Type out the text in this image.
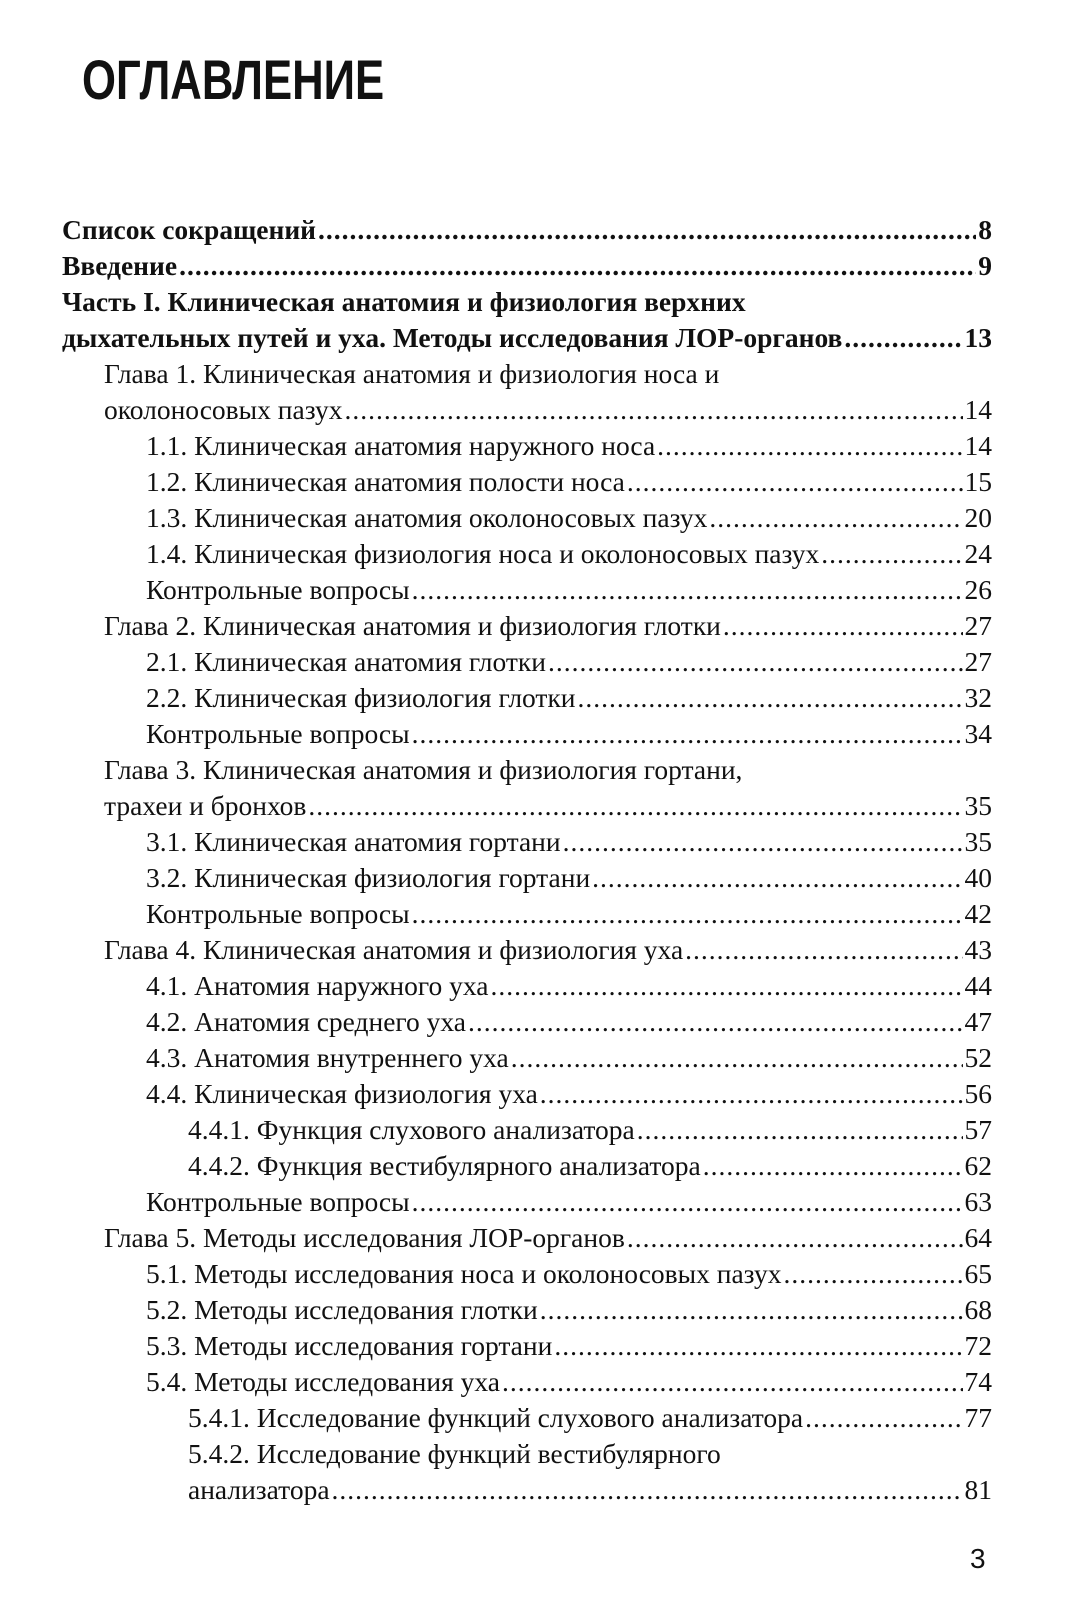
ОГЛАВЛЕНИЕ
Список сокращений .....	8
Введение .....	9
Часть I. Клиническая анатомия и физиология верхних
дыхательных путей и уха. Методы исследования ЛОР-органов .....	13
Глава 1. Клиническая анатомия и физиология носа и
околоносовых пазух .....	14
1.1. Клиническая анатомия наружного носа .....	14
1.2. Клиническая анатомия полости носа .....	15
1.3. Клиническая анатомия околоносовых пазух .....	20
1.4. Клиническая физиология носа и околоносовых пазух .....	24
Контрольные вопросы .....	26
Глава 2. Клиническая анатомия и физиология глотки .....	27
2.1. Клиническая анатомия глотки .....	27
2.2. Клиническая физиология глотки .....	32
Контрольные вопросы .....	34
Глава 3. Клиническая анатомия и физиология гортани,
трахеи и бронхов .....	35
3.1. Клиническая анатомия гортани .....	35
3.2. Клиническая физиология гортани .....	40
Контрольные вопросы .....	42
Глава 4. Клиническая анатомия и физиология уха .....	43
4.1. Анатомия наружного уха .....	44
4.2. Анатомия среднего уха .....	47
4.3. Анатомия внутреннего уха .....	52
4.4. Клиническая физиология уха .....	56
4.4.1. Функция слухового анализатора .....	57
4.4.2. Функция вестибулярного анализатора .....	62
Контрольные вопросы .....	63
Глава 5. Методы исследования ЛОР-органов .....	64
5.1. Методы исследования носа и околоносовых пазух .....	65
5.2. Методы исследования глотки .....	68
5.3. Методы исследования гортани .....	72
5.4. Методы исследования уха .....	74
5.4.1. Исследование функций слухового анализатора .....	77
5.4.2. Исследование функций вестибулярного
анализатора .....	81
3
